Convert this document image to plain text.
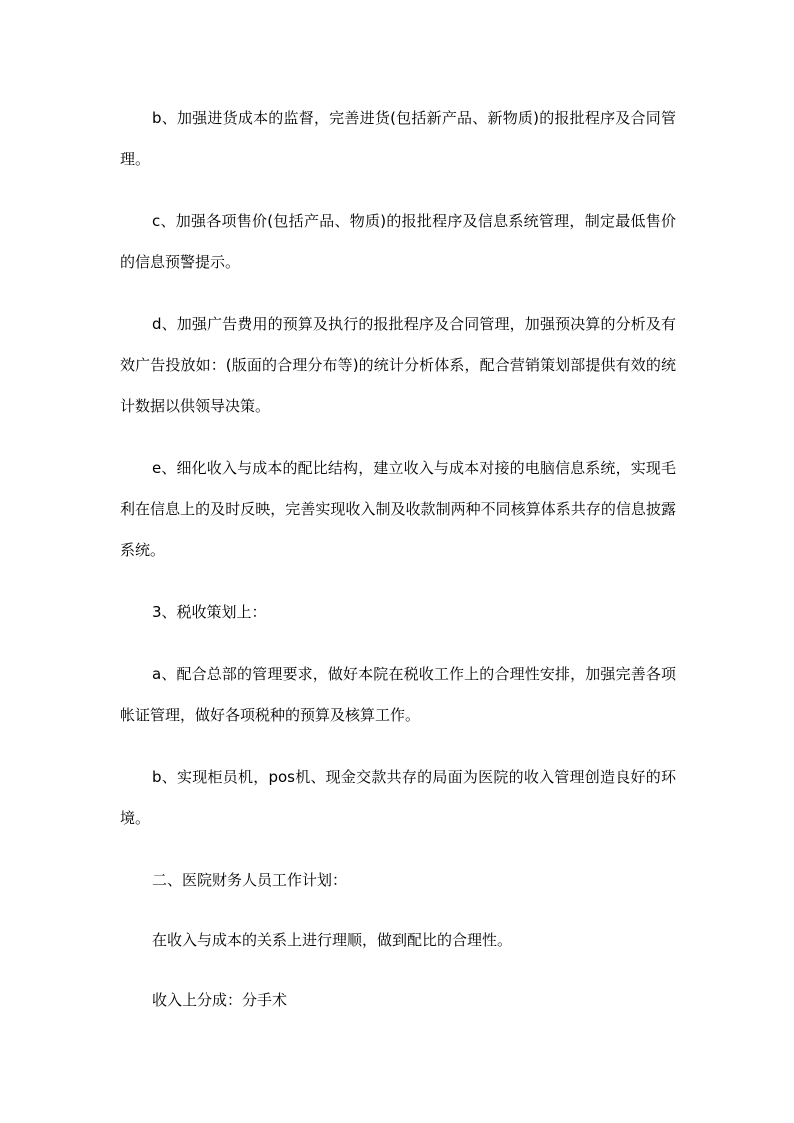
b、加强进货成本的监督，完善进货(包括新产品、新物质)的报批程序及合同管理。

c、加强各项售价(包括产品、物质)的报批程序及信息系统管理，制定最低售价的信息预警提示。

d、加强广告费用的预算及执行的报批程序及合同管理，加强预决算的分析及有效广告投放如：(版面的合理分布等)的统计分析体系，配合营销策划部提供有效的统计数据以供领导决策。

e、细化收入与成本的配比结构，建立收入与成本对接的电脑信息系统，实现毛利在信息上的及时反映，完善实现收入制及收款制两种不同核算体系共存的信息披露系统。

3、税收策划上：

a、配合总部的管理要求，做好本院在税收工作上的合理性安排，加强完善各项帐证管理，做好各项税种的预算及核算工作。

b、实现柜员机，pos机、现金交款共存的局面为医院的收入管理创造良好的环境。

二、医院财务人员工作计划：

在收入与成本的关系上进行理顺，做到配比的合理性。

收入上分成：分手术
